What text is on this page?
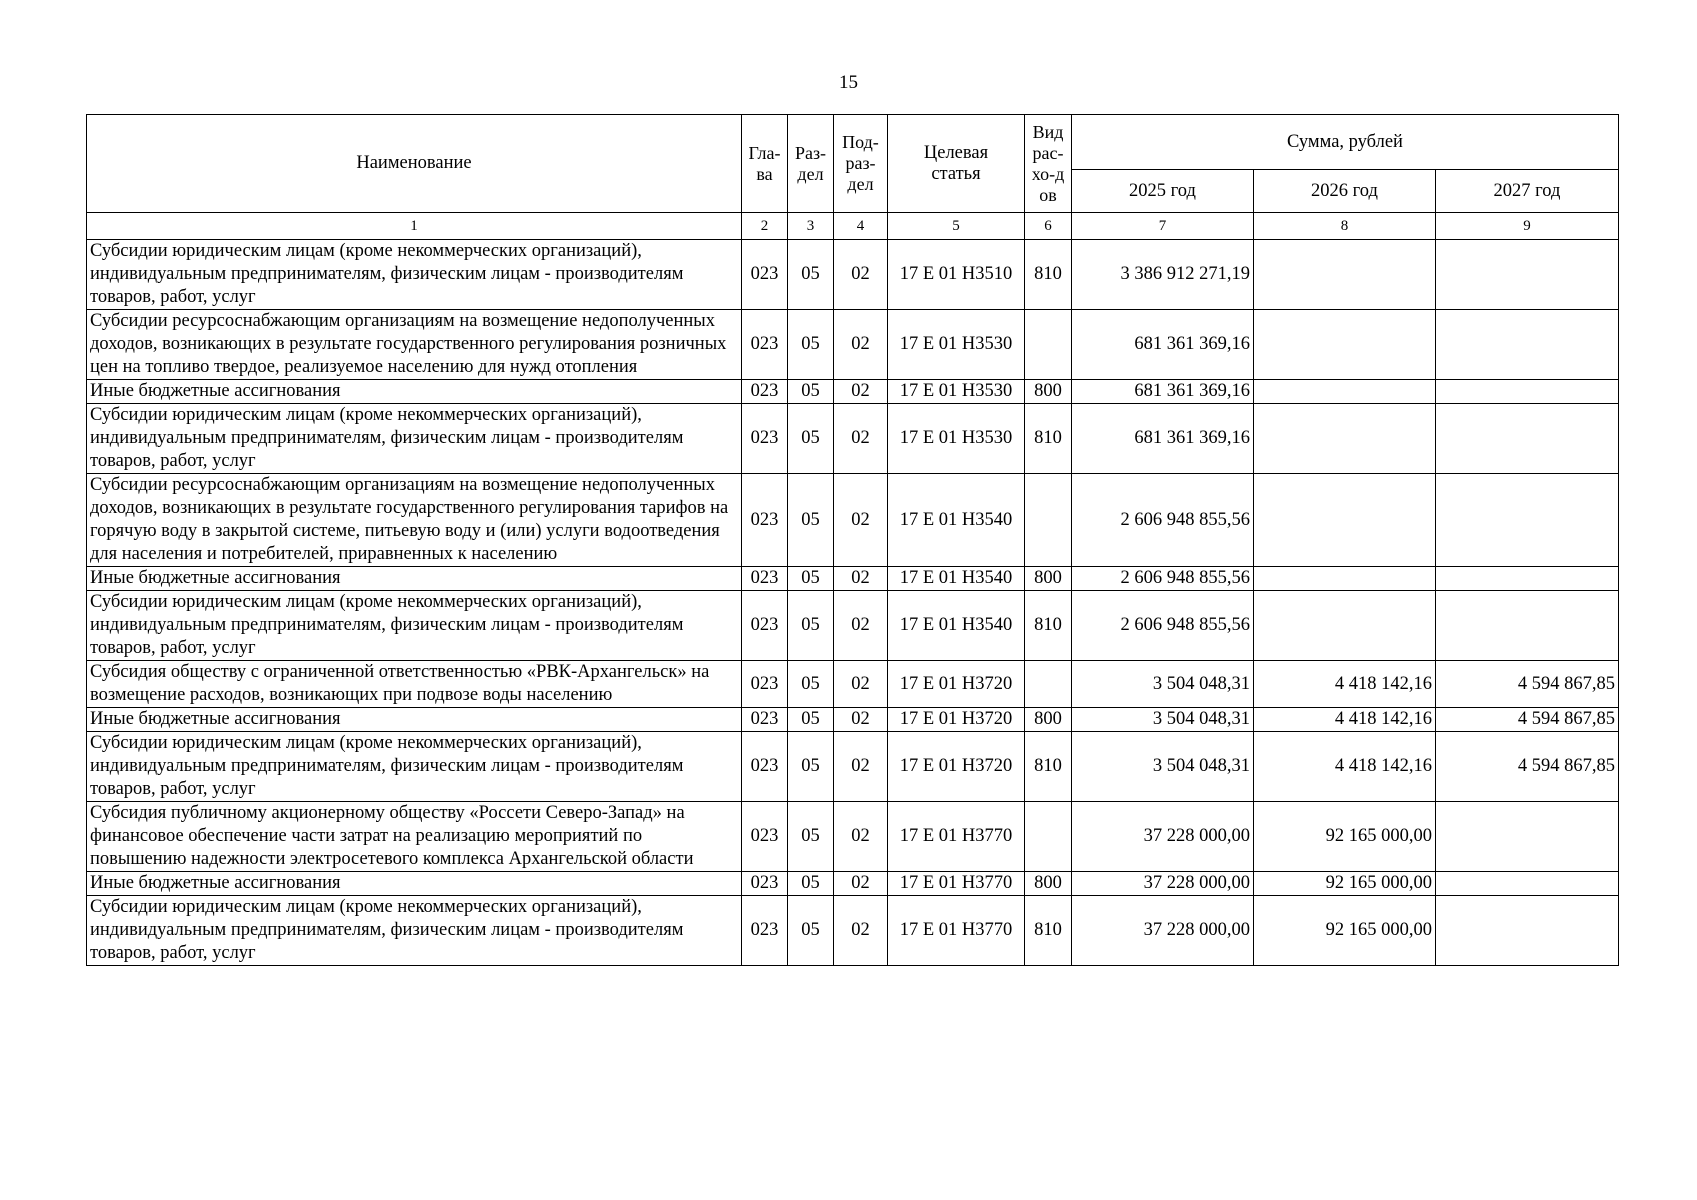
15
Наименование	Гла-ва	Раз-дел	Под-раз-дел	Целевая статья	Вид рас-хо-дов	Сумма, рублей		
						2025 год	2026 год	2027 год
1	2	3	4	5	6	7	8	9
Субсидии юридическим лицам (кроме некоммерческих организаций), индивидуальным предпринимателям, физическим лицам - производителям товаров, работ, услуг	023	05	02	17 Е 01 Н3510	810	3 386 912 271,19		
Субсидии ресурсоснабжающим организациям на возмещение недополученных доходов, возникающих в результате государственного регулирования розничных цен на топливо твердое, реализуемое населению для нужд отопления	023	05	02	17 Е 01 Н3530		681 361 369,16		
Иные бюджетные ассигнования	023	05	02	17 Е 01 Н3530	800	681 361 369,16		
Субсидии юридическим лицам (кроме некоммерческих организаций), индивидуальным предпринимателям, физическим лицам - производителям товаров, работ, услуг	023	05	02	17 Е 01 Н3530	810	681 361 369,16		
Субсидии ресурсоснабжающим организациям на возмещение недополученных доходов, возникающих в результате государственного регулирования тарифов на горячую воду в закрытой системе, питьевую воду и (или) услуги водоотведения для населения и потребителей, приравненных к населению	023	05	02	17 Е 01 Н3540		2 606 948 855,56		
Иные бюджетные ассигнования	023	05	02	17 Е 01 Н3540	800	2 606 948 855,56		
Субсидии юридическим лицам (кроме некоммерческих организаций), индивидуальным предпринимателям, физическим лицам - производителям товаров, работ, услуг	023	05	02	17 Е 01 Н3540	810	2 606 948 855,56		
Субсидия обществу с ограниченной ответственностью «РВК-Архангельск» на возмещение расходов, возникающих при подвозе воды населению	023	05	02	17 Е 01 Н3720		3 504 048,31	4 418 142,16	4 594 867,85
Иные бюджетные ассигнования	023	05	02	17 Е 01 Н3720	800	3 504 048,31	4 418 142,16	4 594 867,85
Субсидии юридическим лицам (кроме некоммерческих организаций), индивидуальным предпринимателям, физическим лицам - производителям товаров, работ, услуг	023	05	02	17 Е 01 Н3720	810	3 504 048,31	4 418 142,16	4 594 867,85
Субсидия публичному акционерному обществу «Россети Северо-Запад» на финансовое обеспечение части затрат на реализацию мероприятий по повышению надежности электросетевого комплекса Архангельской области	023	05	02	17 Е 01 Н3770		37 228 000,00	92 165 000,00	
Иные бюджетные ассигнования	023	05	02	17 Е 01 Н3770	800	37 228 000,00	92 165 000,00	
Субсидии юридическим лицам (кроме некоммерческих организаций), индивидуальным предпринимателям, физическим лицам - производителям товаров, работ, услуг	023	05	02	17 Е 01 Н3770	810	37 228 000,00	92 165 000,00	
